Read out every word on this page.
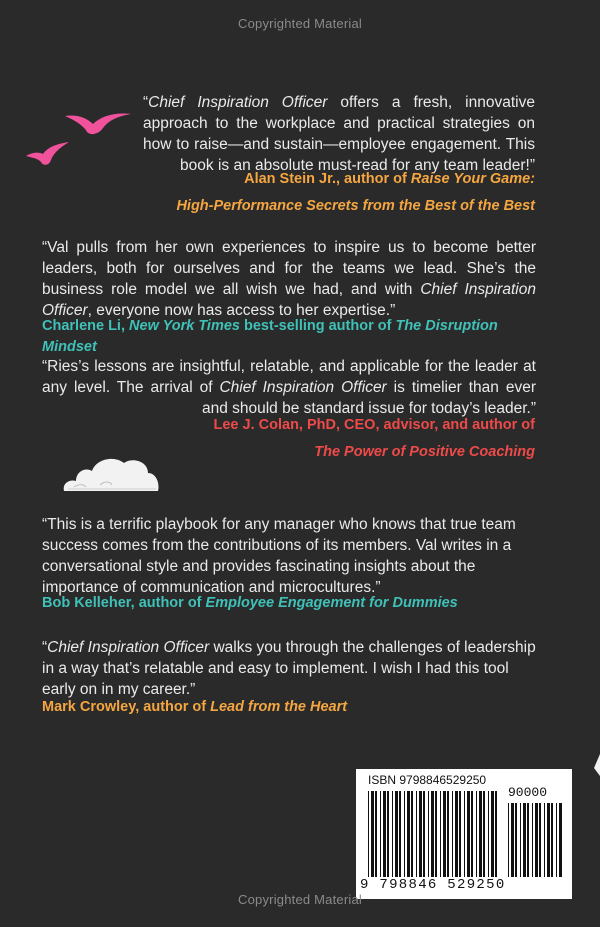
Copyrighted Material
“Chief Inspiration Officer offers a fresh, innovative approach to the workplace and practical strategies on how to raise—and sustain—employee engagement. This book is an absolute must-read for any team leader!”
Alan Stein Jr., author of Raise Your Game:
High-Performance Secrets from the Best of the Best
“Val pulls from her own experiences to inspire us to become better leaders, both for ourselves and for the teams we lead. She’s the business role model we all wish we had, and with Chief Inspiration Officer, everyone now has access to her expertise.”
Charlene Li, New York Times best-selling author of The Disruption Mindset
“Ries’s lessons are insightful, relatable, and applicable for the leader at any level. The arrival of Chief Inspiration Officer is timelier than ever and should be standard issue for today’s leader.”
Lee J. Colan, PhD, CEO, advisor, and author of
The Power of Positive Coaching
“This is a terrific playbook for any manager who knows that true team success comes from the contributions of its members. Val writes in a conversational style and provides fascinating insights about the importance of communication and microcultures.”
Bob Kelleher, author of Employee Engagement for Dummies
“Chief Inspiration Officer walks you through the challenges of leadership in a way that’s relatable and easy to implement. I wish I had this tool early on in my career.”
Mark Crowley, author of Lead from the Heart
ISBN 9798846529250
90000
9 798846 529250
Copyrighted Material
